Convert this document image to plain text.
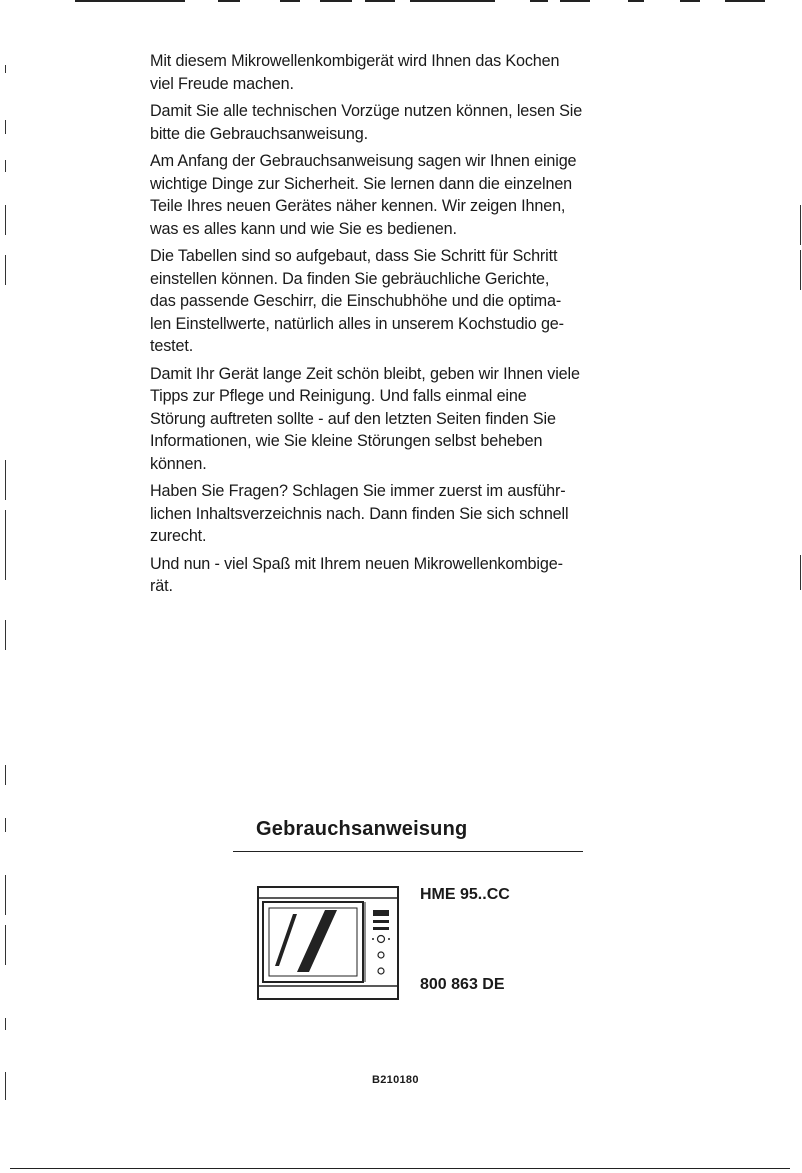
Mit diesem Mikrowellenkombigerät wird Ihnen das Kochen
viel Freude machen.
Damit Sie alle technischen Vorzüge nutzen können, lesen Sie
bitte die Gebrauchsanweisung.
Am Anfang der Gebrauchsanweisung sagen wir Ihnen einige
wichtige Dinge zur Sicherheit. Sie lernen dann die einzelnen
Teile Ihres neuen Gerätes näher kennen. Wir zeigen Ihnen,
was es alles kann und wie Sie es bedienen.
Die Tabellen sind so aufgebaut, dass Sie Schritt für Schritt
einstellen können. Da finden Sie gebräuchliche Gerichte,
das passende Geschirr, die Einschubhöhe und die optima-
len Einstellwerte, natürlich alles in unserem Kochstudio ge-
testet.
Damit Ihr Gerät lange Zeit schön bleibt, geben wir Ihnen viele
Tipps zur Pflege und Reinigung. Und falls einmal eine
Störung auftreten sollte - auf den letzten Seiten finden Sie
Informationen, wie Sie kleine Störungen selbst beheben
können.
Haben Sie Fragen? Schlagen Sie immer zuerst im ausführ-
lichen Inhaltsverzeichnis nach. Dann finden Sie sich schnell
zurecht.
Und nun - viel Spaß mit Ihrem neuen Mikrowellenkombige-
rät.
Gebrauchsanweisung
HME 95..CC
800 863 DE
B210180
